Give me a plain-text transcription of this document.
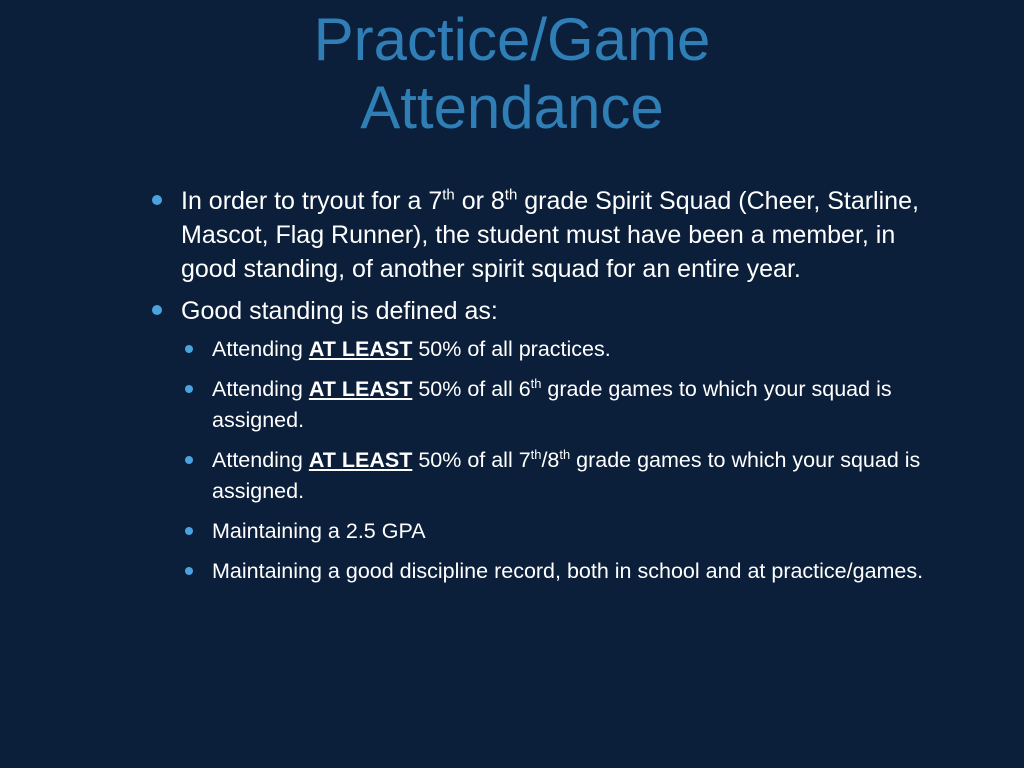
Practice/Game
Attendance
In order to tryout for a 7th or 8th grade Spirit Squad (Cheer, Starline, Mascot, Flag Runner), the student must have been a member, in good standing, of another spirit squad for an entire year.
Good standing is defined as:
Attending AT LEAST 50% of all practices.
Attending AT LEAST 50% of all 6th grade games to which your squad is assigned.
Attending AT LEAST 50% of all 7th/8th grade games to which your squad is assigned.
Maintaining a 2.5 GPA
Maintaining a good discipline record, both in school and at practice/games.
